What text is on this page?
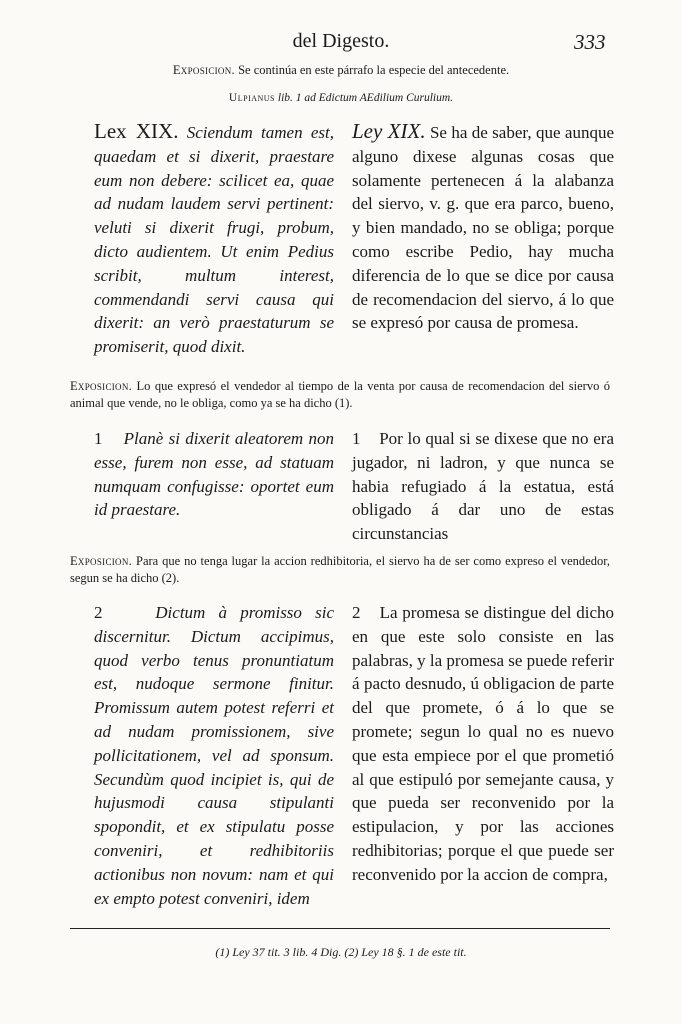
del Digesto.	333
Exposicion. Se continúa en este párrafo la especie del antecedente.
Ulpianus lib. 1 ad Edictum AEdilium Curulium.
Lex XIX. Sciendum tamen est, quaedam et si dixerit, praestare eum non debere: scilicet ea, quae ad nudam laudem servi pertinent: veluti si dixerit frugi, probum, dicto audientem. Ut enim Pedius scribit, multum interest, commendandi servi causa qui dixerit: an verò praestaturum se promiserit, quod dixit.
Ley XIX. Se ha de saber, que aunque alguno dixese algunas cosas que solamente pertenecen á la alabanza del siervo, v. g. que era parco, bueno, y bien mandado, no se obliga; porque como escribe Pedio, hay mucha diferencia de lo que se dice por causa de recomendacion del siervo, á lo que se expresó por causa de promesa.
Exposicion. Lo que expresó el vendedor al tiempo de la venta por causa de recomendacion del siervo ó animal que vende, no le obliga, como ya se ha dicho (1).
1 Planè si dixerit aleatorem non esse, furem non esse, ad statuam numquam confugisse: oportet eum id praestare.
1 Por lo qual si se dixese que no era jugador, ni ladron, y que nunca se habia refugiado á la estatua, está obligado á dar uno de estas circunstancias
Exposicion. Para que no tenga lugar la accion redhibitoria, el siervo ha de ser como expreso el vendedor, segun se ha dicho (2).
2	Dictum à promisso sic discernitur. Dictum accipimus, quod verbo tenus pronuntiatum est, nudoque sermone finitur. Promissum autem potest referri et ad nudam promissionem, sive pollicitationem, vel ad sponsum. Secundùm quod incipiet is, qui de hujusmodi causa stipulanti spopondit, et ex stipulatu posse conveniri, et redhibitoriis actionibus non novum: nam et qui ex empto potest conveniri, idem
2 La promesa se distingue del dicho en que este solo consiste en las palabras, y la promesa se puede referir á pacto desnudo, ú obligacion de parte del que promete, ó á lo que se promete; segun lo qual no es nuevo que esta empiece por el que prometió al que estipuló por semejante causa, y que pueda ser reconvenido por la estipulacion, y por las acciones redhibitorias; porque el que puede ser reconvenido por la accion de compra,
(1) Ley 37 tit. 3 lib. 4 Dig. (2) Ley 18 §. 1 de este tit.
